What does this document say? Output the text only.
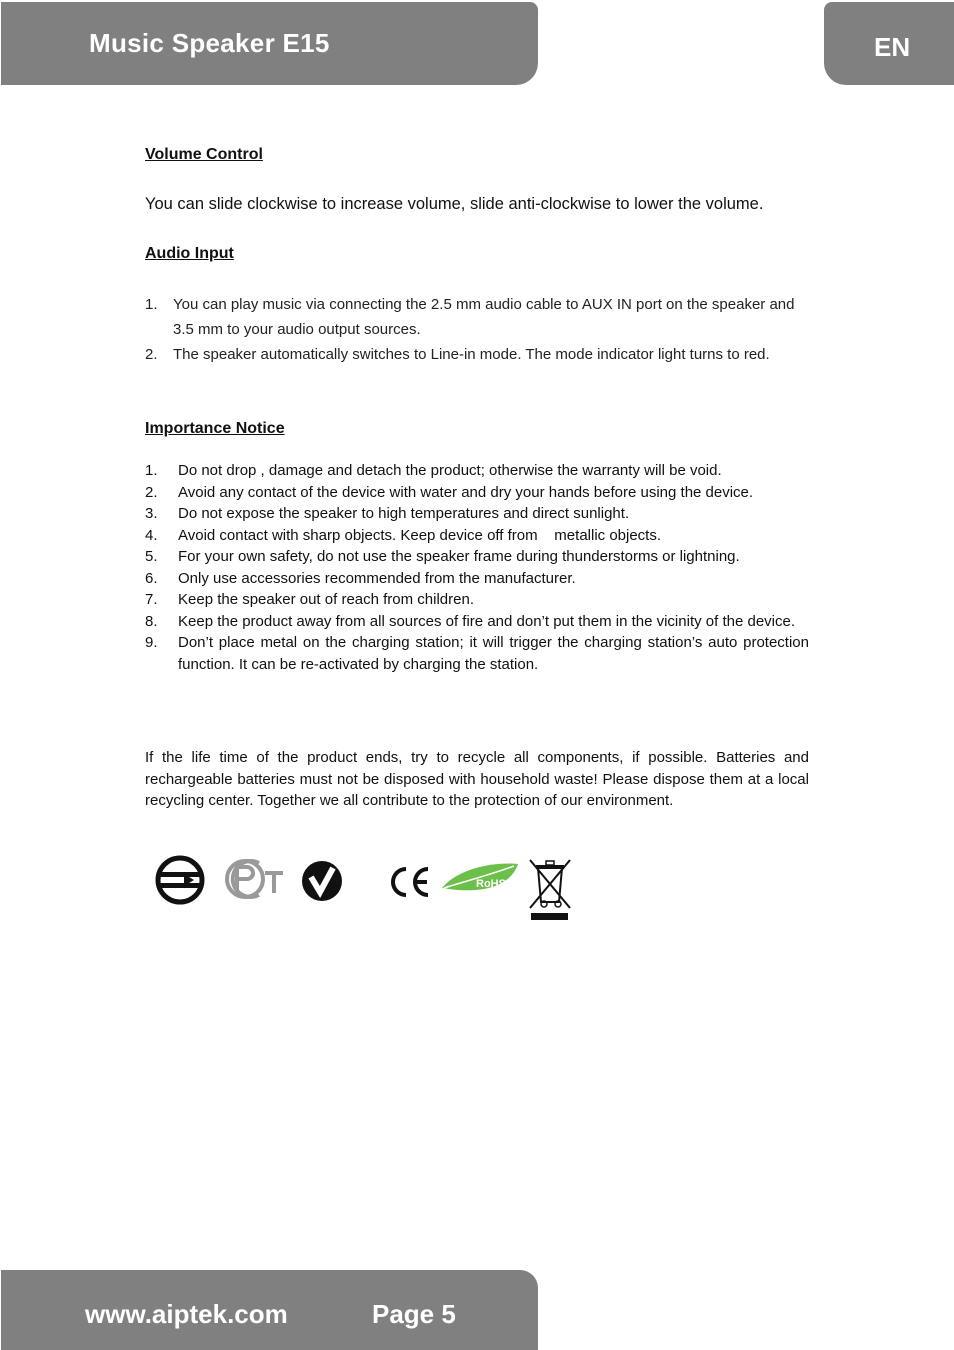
Music Speaker E15	EN
Volume Control
You can slide clockwise to increase volume, slide anti-clockwise to lower the volume.
Audio Input
1. You can play music via connecting the 2.5 mm audio cable to AUX IN port on the speaker and 3.5 mm to your audio output sources.
2. The speaker automatically switches to Line-in mode. The mode indicator light turns to red.
Importance Notice
1. Do not drop , damage and detach the product; otherwise the warranty will be void.
2. Avoid any contact of the device with water and dry your hands before using the device.
3. Do not expose the speaker to high temperatures and direct sunlight.
4. Avoid contact with sharp objects. Keep device off from    metallic objects.
5. For your own safety, do not use the speaker frame during thunderstorms or lightning.
6. Only use accessories recommended from the manufacturer.
7. Keep the speaker out of reach from children.
8. Keep the product away from all sources of fire and don’t put them in the vicinity of the device.
9. Don’t place metal on the charging station; it will trigger the charging station’s auto protection function. It can be re-activated by charging the station.
If the life time of the product ends, try to recycle all components, if possible. Batteries and rechargeable batteries must not be disposed with household waste! Please dispose them at a local recycling center. Together we all contribute to the protection of our environment.
RoHS
www.aiptek.com	Page 5
